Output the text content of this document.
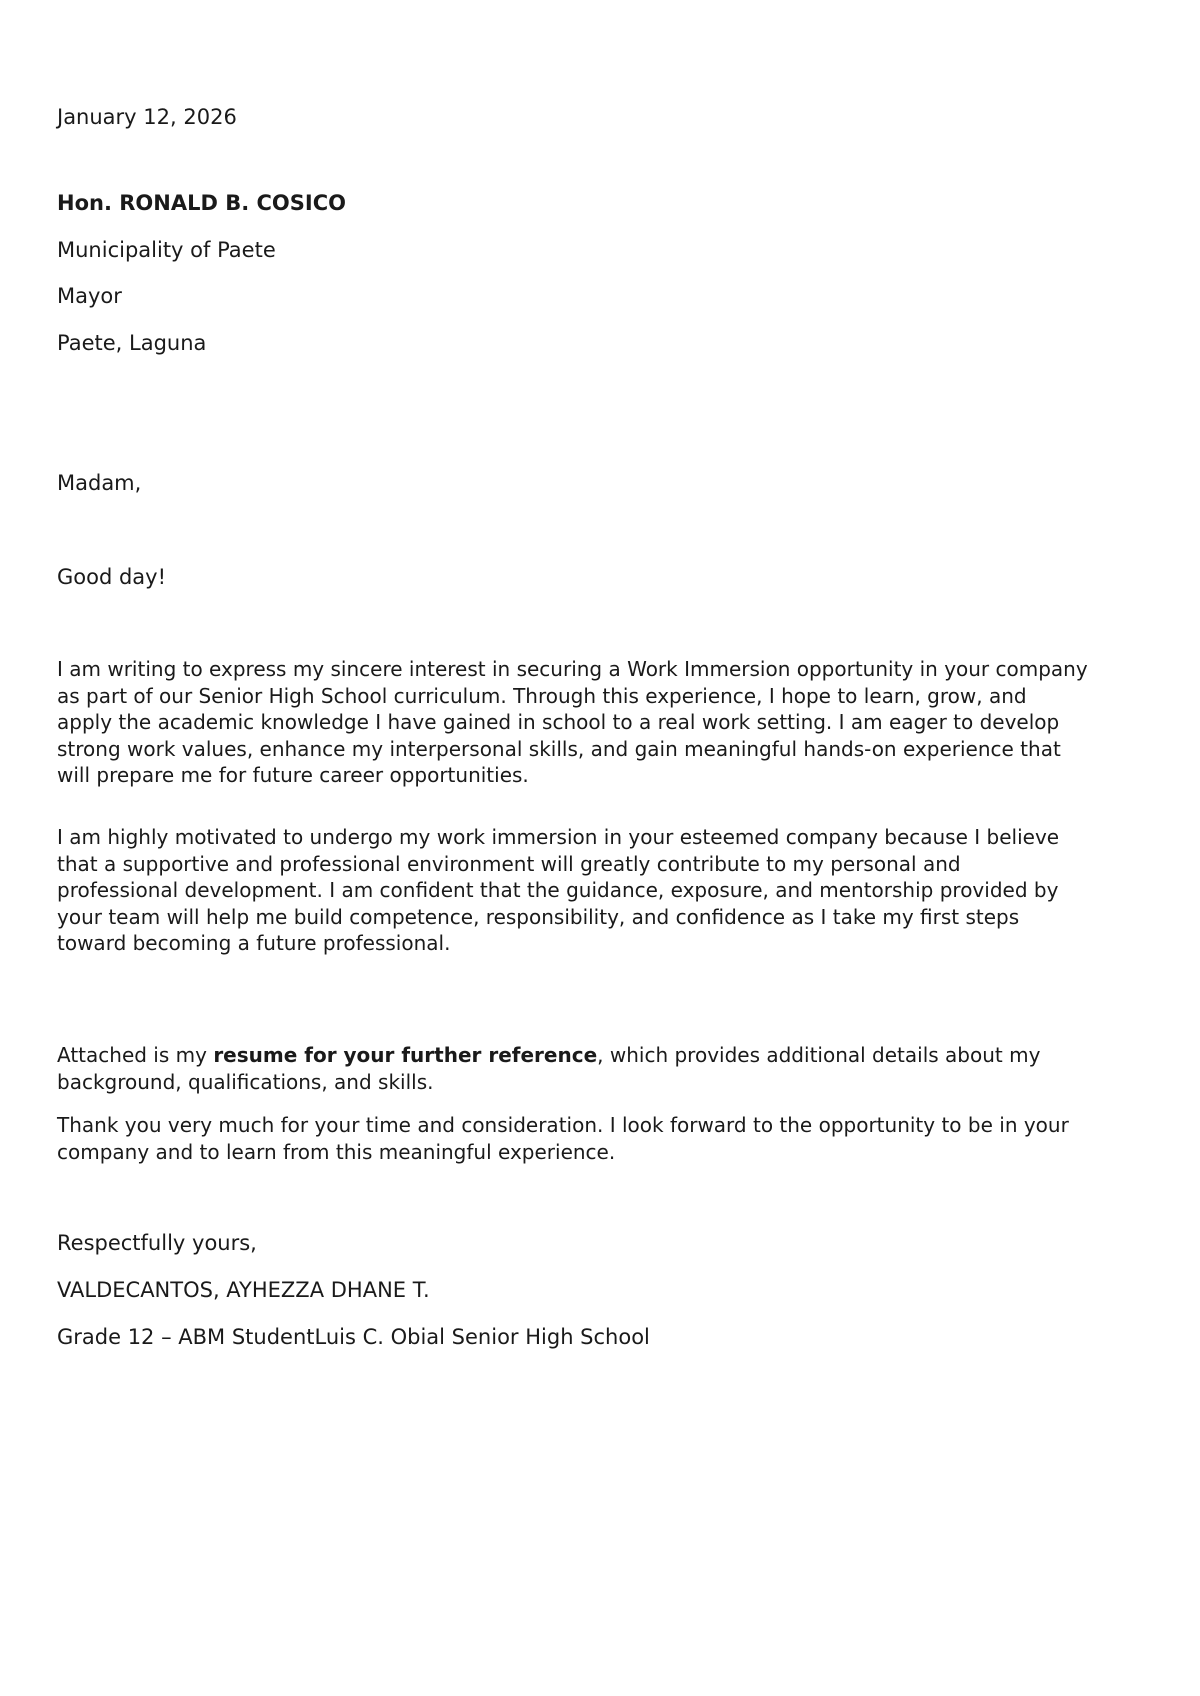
January 12, 2026

Hon. RONALD B. COSICO

Municipality of Paete

Mayor

Paete, Laguna

Madam,

Good day!

I am writing to express my sincere interest in securing a Work Immersion opportunity in your company
as part of our Senior High School curriculum. Through this experience, I hope to learn, grow, and
apply the academic knowledge I have gained in school to a real work setting. I am eager to develop
strong work values, enhance my interpersonal skills, and gain meaningful hands-on experience that
will prepare me for future career opportunities.
I am highly motivated to undergo my work immersion in your esteemed company because I believe
that a supportive and professional environment will greatly contribute to my personal and
professional development. I am confident that the guidance, exposure, and mentorship provided by
your team will help me build competence, responsibility, and confidence as I take my first steps
toward becoming a future professional.
Attached is my resume for your further reference, which provides additional details about my
background, qualifications, and skills.
Thank you very much for your time and consideration. I look forward to the opportunity to be in your
company and to learn from this meaningful experience.

Respectfully yours,

VALDECANTOS, AYHEZZA DHANE T.

Grade 12 – ABM StudentLuis C. Obial Senior High School
